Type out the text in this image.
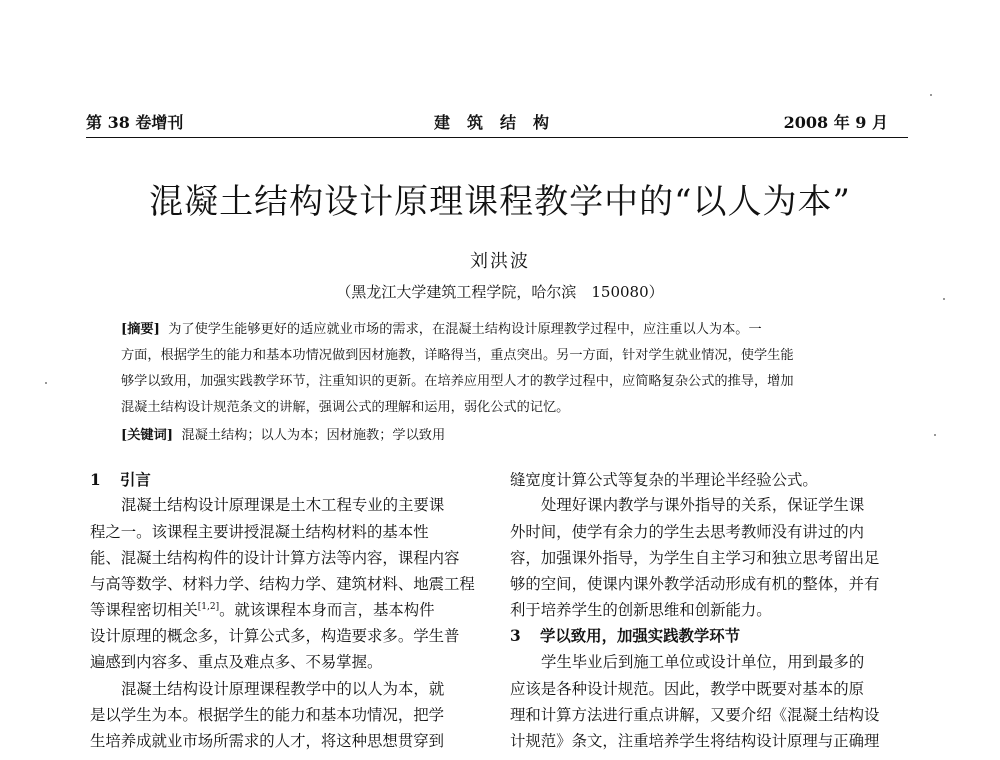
第 38 卷增刊	建筑结构	2008 年 9 月
混凝土结构设计原理课程教学中的“以人为本”
刘洪波
（黑龙江大学建筑工程学院，哈尔滨　150080）
[摘要] 为了使学生能够更好的适应就业市场的需求，在混凝土结构设计原理教学过程中，应注重以人为本。一
方面，根据学生的能力和基本功情况做到因材施教，详略得当，重点突出。另一方面，针对学生就业情况，使学生能
够学以致用，加强实践教学环节，注重知识的更新。在培养应用型人才的教学过程中，应简略复杂公式的推导，增加
混凝土结构设计规范条文的讲解，强调公式的理解和运用，弱化公式的记忆。
[关键词] 混凝土结构；以人为本；因材施教；学以致用
1 引言
混凝土结构设计原理课是土木工程专业的主要课
程之一。该课程主要讲授混凝土结构材料的基本性
能、混凝土结构构件的设计计算方法等内容，课程内容
与高等数学、材料力学、结构力学、建筑材料、地震工程
等课程密切相关[1,2]。就该课程本身而言，基本构件
设计原理的概念多，计算公式多，构造要求多。学生普
遍感到内容多、重点及难点多、不易掌握。
混凝土结构设计原理课程教学中的以人为本，就
是以学生为本。根据学生的能力和基本功情况，把学
生培养成就业市场所需求的人才，将这种思想贯穿到
缝宽度计算公式等复杂的半理论半经验公式。
处理好课内教学与课外指导的关系，保证学生课
外时间，使学有余力的学生去思考教师没有讲过的内
容，加强课外指导，为学生自主学习和独立思考留出足
够的空间，使课内课外教学活动形成有机的整体，并有
利于培养学生的创新思维和创新能力。
3 学以致用，加强实践教学环节
学生毕业后到施工单位或设计单位，用到最多的
应该是各种设计规范。因此，教学中既要对基本的原
理和计算方法进行重点讲解，又要介绍《混凝土结构设
计规范》条文，注重培养学生将结构设计原理与正确理
